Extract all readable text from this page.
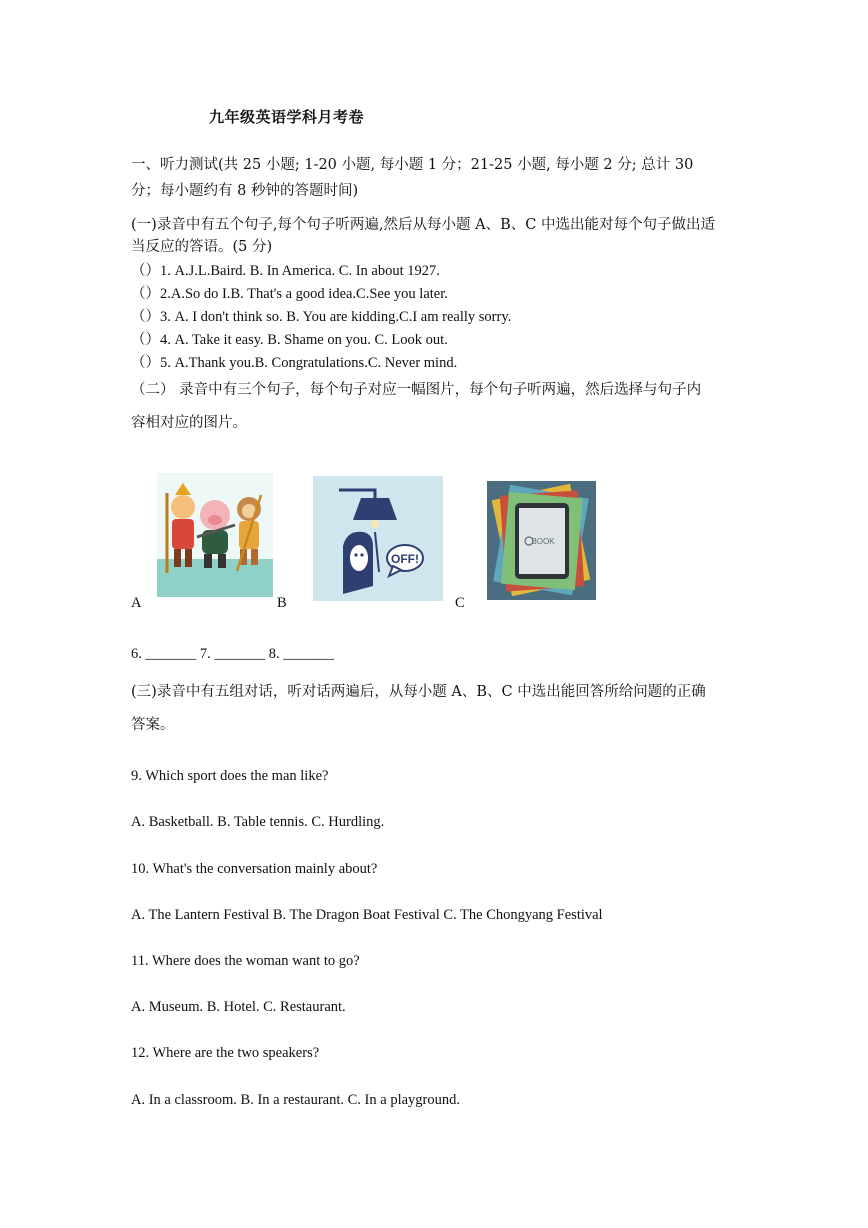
九年级英语学科月考卷
一、听力测试(共 25 小题; 1-20 小题, 每小题 1 分；21-25 小题, 每小题 2 分; 总计 30
分；每小题约有 8 秒钟的答题时间)
(一)录音中有五个句子,每个句子听两遍,然后从每小题 A、B、C 中选出能对每个句子做出适
当反应的答语。(5 分)
（）1. A.J.L.Baird. B. In America. C. In about 1927.
（）2.A.So do I.B. That's a good idea.C.See you later.
（）3. A. I don't think so. B. You are kidding.C.I am really sorry.
（）4. A. Take it easy. B. Shame on you. C. Look out.
（）5. A.Thank you.B. Congratulations.C. Never mind.
（二） 录音中有三个句子，每个句子对应一幅图片，每个句子听两遍，然后选择与句子内
容相对应的图片。
A
OFF!
B
BOOK
C
6. _______ 7. _______ 8. _______
(三)录音中有五组对话，听对话两遍后，从每小题 A、B、C 中选出能回答所给问题的正确
答案。
9. Which sport does the man like?
A. Basketball. B. Table tennis. C. Hurdling.
10. What's the conversation mainly about?
A. The Lantern Festival B. The Dragon Boat Festival C. The Chongyang Festival
11. Where does the woman want to go?
A. Museum. B. Hotel. C. Restaurant.
12. Where are the two speakers?
A. In a classroom. B. In a restaurant. C. In a playground.
